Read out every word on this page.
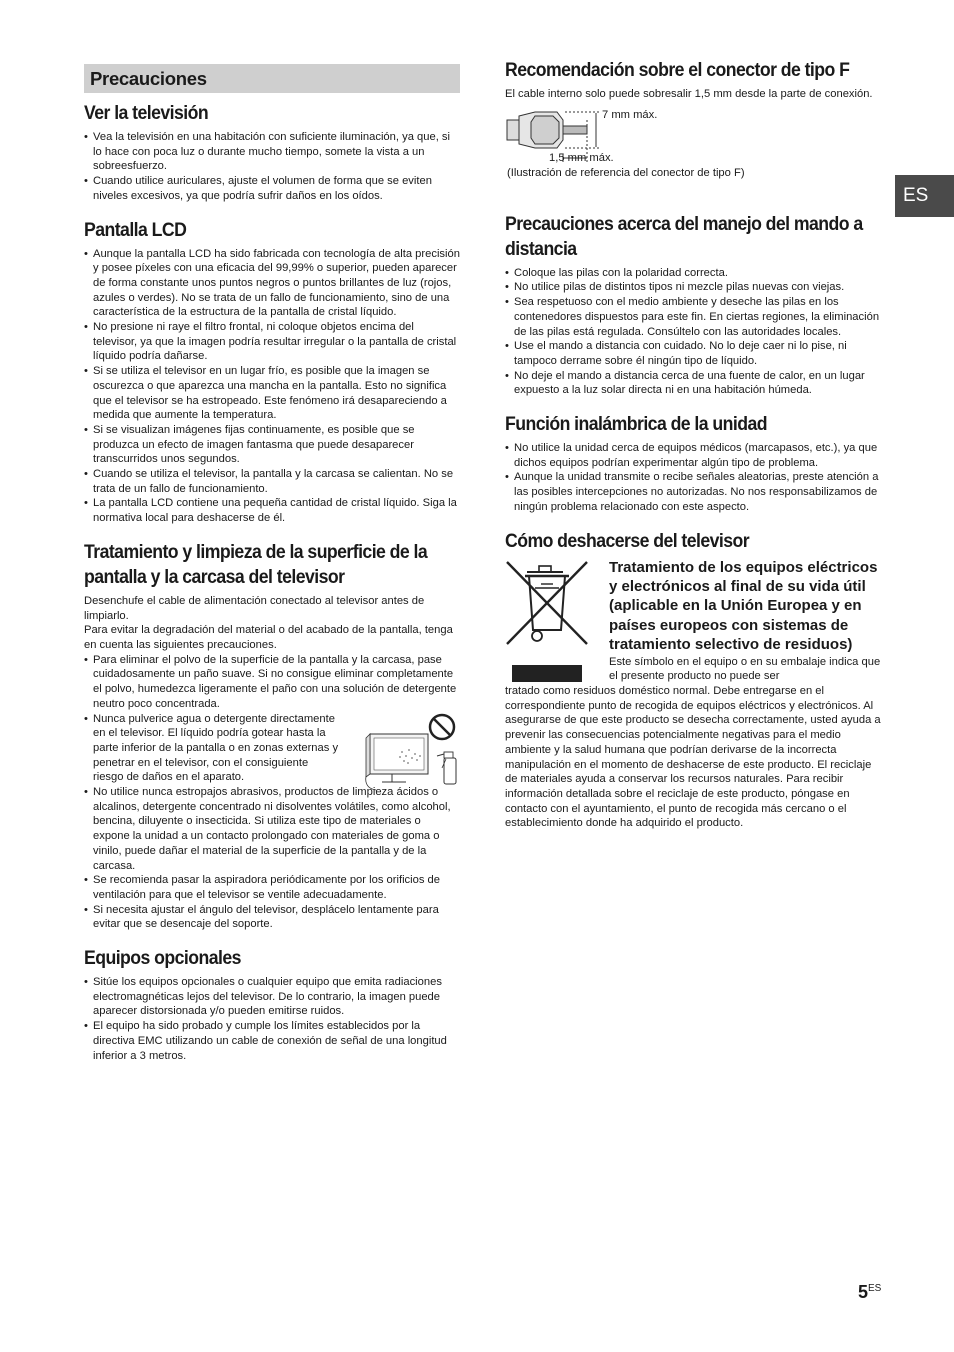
Precauciones
Ver la televisión
• Vea la televisión en una habitación con suficiente iluminación, ya que, si lo hace con poca luz o durante mucho tiempo, somete la vista a un sobreesfuerzo.
• Cuando utilice auriculares, ajuste el volumen de forma que se eviten niveles excesivos, ya que podría sufrir daños en los oídos.
Pantalla LCD
• Aunque la pantalla LCD ha sido fabricada con tecnología de alta precisión y posee píxeles con una eficacia del 99,99% o superior, pueden aparecer de forma constante unos puntos negros o puntos brillantes de luz (rojos, azules o verdes). No se trata de un fallo de funcionamiento, sino de una característica de la estructura de la pantalla de cristal líquido.
• No presione ni raye el filtro frontal, ni coloque objetos encima del televisor, ya que la imagen podría resultar irregular o la pantalla de cristal líquido podría dañarse.
• Si se utiliza el televisor en un lugar frío, es posible que la imagen se oscurezca o que aparezca una mancha en la pantalla. Esto no significa que el televisor se ha estropeado. Este fenómeno irá desapareciendo a medida que aumente la temperatura.
• Si se visualizan imágenes fijas continuamente, es posible que se produzca un efecto de imagen fantasma que puede desaparecer transcurridos unos segundos.
• Cuando se utiliza el televisor, la pantalla y la carcasa se calientan. No se trata de un fallo de funcionamiento.
• La pantalla LCD contiene una pequeña cantidad de cristal líquido. Siga la normativa local para deshacerse de él.
Tratamiento y limpieza de la superficie de la pantalla y la carcasa del televisor

Desenchufe el cable de alimentación conectado al televisor antes de limpiarlo.

Para evitar la degradación del material o del acabado de la pantalla, tenga en cuenta las siguientes precauciones.

• Para eliminar el polvo de la superficie de la pantalla y la carcasa, pase cuidadosamente un paño suave. Si no consigue eliminar completamente el polvo, humedezca ligeramente el paño con una solución de detergente neutro poco concentrada.
• Nunca pulverice agua o detergente directamente en el televisor. El líquido podría gotear hasta la parte inferior de la pantalla o en zonas externas y penetrar en el televisor, con el consiguiente riesgo de daños en el aparato.
• No utilice nunca estropajos abrasivos, productos de limpieza ácidos o alcalinos, detergente concentrado ni disolventes volátiles, como alcohol, bencina, diluyente o insecticida. Si utiliza este tipo de materiales o expone la unidad a un contacto prolongado con materiales de goma o vinilo, puede dañar el material de la superficie de la pantalla y de la carcasa.
• Se recomienda pasar la aspiradora periódicamente por los orificios de ventilación para que el televisor se ventile adecuadamente.
• Si necesita ajustar el ángulo del televisor, desplácelo lentamente para evitar que se desencaje del soporte.
Equipos opcionales
• Sitúe los equipos opcionales o cualquier equipo que emita radiaciones electromagnéticas lejos del televisor. De lo contrario, la imagen puede aparecer distorsionada y/o pueden emitirse ruidos.
• El equipo ha sido probado y cumple los límites establecidos por la directiva EMC utilizando un cable de conexión de señal de una longitud inferior a 3 metros.
Recomendación sobre el conector de tipo F

El cable interno solo puede sobresalir 1,5 mm desde la parte de conexión.

7 mm máx.
1,5 mm máx.
(Ilustración de referencia del conector de tipo F)
Precauciones acerca del manejo del mando a distancia
• Coloque las pilas con la polaridad correcta.
• No utilice pilas de distintos tipos ni mezcle pilas nuevas con viejas.
• Sea respetuoso con el medio ambiente y deseche las pilas en los contenedores dispuestos para este fin. En ciertas regiones, la eliminación de las pilas está regulada. Consúltelo con las autoridades locales.
• Use el mando a distancia con cuidado. No lo deje caer ni lo pise, ni tampoco derrame sobre él ningún tipo de líquido.
• No deje el mando a distancia cerca de una fuente de calor, en un lugar expuesto a la luz solar directa ni en una habitación húmeda.
Función inalámbrica de la unidad
• No utilice la unidad cerca de equipos médicos (marcapasos, etc.), ya que dichos equipos podrían experimentar algún tipo de problema.
• Aunque la unidad transmite o recibe señales aleatorias, preste atención a las posibles intercepciones no autorizadas. No nos responsabilizamos de ningún problema relacionado con este aspecto.
Cómo deshacerse del televisor
Tratamiento de los equipos eléctricos y electrónicos al final de su vida útil (aplicable en la Unión Europea y en países europeos con sistemas de tratamiento selectivo de residuos)

Este símbolo en el equipo o en su embalaje indica que el presente producto no puede ser

tratado como residuos doméstico normal. Debe entregarse en el correspondiente punto de recogida de equipos eléctricos y electrónicos. Al asegurarse de que este producto se desecha correctamente, usted ayuda a prevenir las consecuencias potencialmente negativas para el medio ambiente y la salud humana que podrían derivarse de la incorrecta manipulación en el momento de deshacerse de este producto. El reciclaje de materiales ayuda a conservar los recursos naturales. Para recibir información detallada sobre el reciclaje de este producto, póngase en contacto con el ayuntamiento, el punto de recogida más cercano o el establecimiento donde ha adquirido el producto.

ES
$5^{ES}$
